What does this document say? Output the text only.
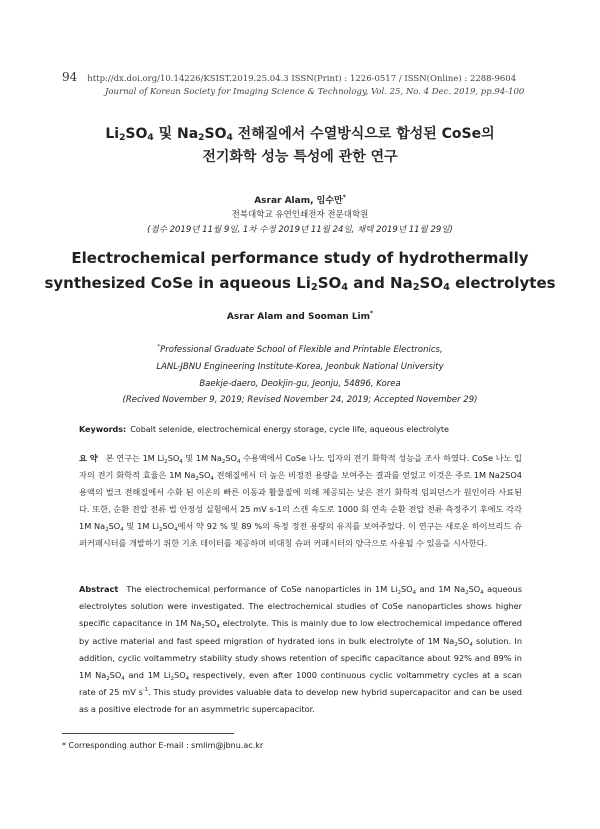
94 http://dx.doi.org/10.14226/KSIST.2019.25.04.3 ISSN(Print) : 1226-0517 / ISSN(Online) : 2288-9604
Journal of Korean Society for Imaging Science & Technology, Vol. 25, No. 4 Dec. 2019, pp.94-100
$Li_2SO_4$ 및 $Na_2SO_4$ 전해질에서 수열방식으로 합성된 CoSe의
전기화학 성능 특성에 관한 연구
Asrar Alam, 임수만*
전북대학교 유연인쇄전자 전문대학원
(접수 2019년 11월 9일, 1차 수정 2019년 11월 24일, 채택 2019년 11월 29일)
Electrochemical performance study of hydrothermally
synthesized CoSe in aqueous $Li_2SO_4$ and $Na_2SO_4$ electrolytes
Asrar Alam and Sooman Lim*
*Professional Graduate School of Flexible and Printable Electronics,
LANL-JBNU Engineering Institute-Korea, Jeonbuk National University
Baekje-daero, Deokjin-gu, Jeonju, 54896, Korea
(Recived November 9, 2019; Revised November 24, 2019; Accepted November 29)
Keywords: Cobalt selenide, electrochemical energy storage, cycle life, aqueous electrolyte
요 약 본 연구는 1M $Li_2SO_4$ 및 1M $Na_2SO_4$ 수용액에서 CoSe 나노 입자의 전기 화학적 성능을 조사 하였다. CoSe 나노 입자의 전기 화학적 효율은 1M $Na_2SO_4$ 전해질에서 더 높은 비정전 용량을 보여주는 결과를 얻었고 이것은 주로 1M Na2SO4 용액의 벌크 전해질에서 수화 된 이온의 빠른 이동과 활물질에 의해 제공되는 낮은 전기 화학적 임피던스가 원인이라 사료된다. 또한, 순환 전압 전류 법 안정성 실험에서 25 mV s-1의 스캔 속도로 1000 회 연속 순환 전압 전류 측정주기 후에도 각각 1M $Na_2SO_4$ 및 1M $Li_2SO_4$에서 약 92 % 및 89 %의 특정 정전 용량의 유지를 보여주었다. 이 연구는 새로운 하이브리드 슈퍼커패시터를 개발하기 위한 기초 데이터를 제공하며 비대칭 슈퍼 커패시터의 양극으로 사용될 수 있음을 시사한다.
Abstract The electrochemical performance of CoSe nanoparticles in 1M $Li_2SO_4$ and 1M $Na_2SO_4$ aqueous electrolytes solution were investigated. The electrochemical studies of CoSe nanoparticles shows higher specific capacitance in 1M $Na_2SO_4$ electrolyte. This is mainly due to low electrochemical impedance offered by active material and fast speed migration of hydrated ions in bulk electrolyte of 1M $Na_2SO_4$ solution. In addition, cyclic voltammetry stability study shows retention of specific capacitance about 92% and 89% in 1M $Na_2SO_4$ and 1M $Li_2SO_4$ respectively, even after 1000 continuous cyclic voltammetry cycles at a scan rate of 25 mV $s^{-1}$. This study provides valuable data to develop new hybrid supercapacitor and can be used as a positive electrode for an asymmetric supercapacitor.
* Corresponding author E-mail : smlim@jbnu.ac.kr
